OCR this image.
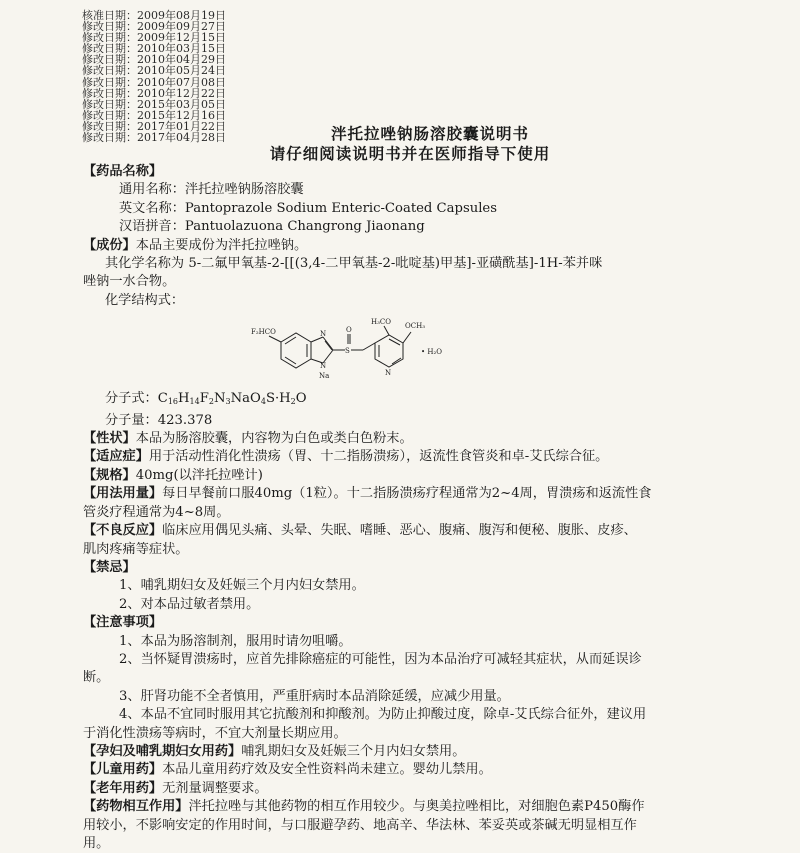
核准日期：2009年08月19日
修改日期：2009年09月27日
修改日期：2009年12月15日
修改日期：2010年03月15日
修改日期：2010年04月29日
修改日期：2010年05月24日
修改日期：2010年07月08日
修改日期：2010年12月22日
修改日期：2015年03月05日
修改日期：2015年12月16日
修改日期：2017年01月22日
修改日期：2017年04月28日	泮托拉唑钠肠溶胶囊说明书
请仔细阅读说明书并在医师指导下使用
【药品名称】
通用名称：泮托拉唑钠肠溶胶囊
英文名称：Pantoprazole Sodium Enteric-Coated Capsules
汉语拼音：Pantuolazuona Changrong Jiaonang
【成份】本品主要成份为泮托拉唑钠。
其化学名称为 5-二氟甲氧基-2-[[(3,4-二甲氧基-2-吡啶基)甲基]-亚磺酰基]-1H-苯并咪
唑钠一水合物。
化学结构式：
F₂HCO	N
N
Na
S
O
H₃CO OCH₃
N
• H₂O
分子式：$C_{16}H_{14}F_2N_3NaO_4S\cdot H_2O$
分子量：423.378
【性状】本品为肠溶胶囊，内容物为白色或类白色粉末。
【适应症】用于活动性消化性溃疡（胃、十二指肠溃疡），返流性食管炎和卓-艾氏综合征。
【规格】40mg(以泮托拉唑计)
【用法用量】每日早餐前口服40mg（1粒）。十二指肠溃疡疗程通常为2~4周，胃溃疡和返流性食
管炎疗程通常为4~8周。
【不良反应】临床应用偶见头痛、头晕、失眠、嗜睡、恶心、腹痛、腹泻和便秘、腹胀、皮疹、
肌肉疼痛等症状。
【禁忌】
1、哺乳期妇女及妊娠三个月内妇女禁用。
2、对本品过敏者禁用。
【注意事项】
1、本品为肠溶制剂，服用时请勿咀嚼。
2、当怀疑胃溃疡时，应首先排除癌症的可能性，因为本品治疗可减轻其症状，从而延误诊
断。
3、肝肾功能不全者慎用，严重肝病时本品消除延缓，应减少用量。
4、本品不宜同时服用其它抗酸剂和抑酸剂。为防止抑酸过度，除卓-艾氏综合征外，建议用
于消化性溃疡等病时，不宜大剂量长期应用。
【孕妇及哺乳期妇女用药】哺乳期妇女及妊娠三个月内妇女禁用。
【儿童用药】本品儿童用药疗效及安全性资料尚未建立。婴幼儿禁用。
【老年用药】无剂量调整要求。
【药物相互作用】泮托拉唑与其他药物的相互作用较少。与奥美拉唑相比，对细胞色素P450酶作
用较小，不影响安定的作用时间，与口服避孕药、地高辛、华法林、苯妥英或茶碱无明显相互作
用。
